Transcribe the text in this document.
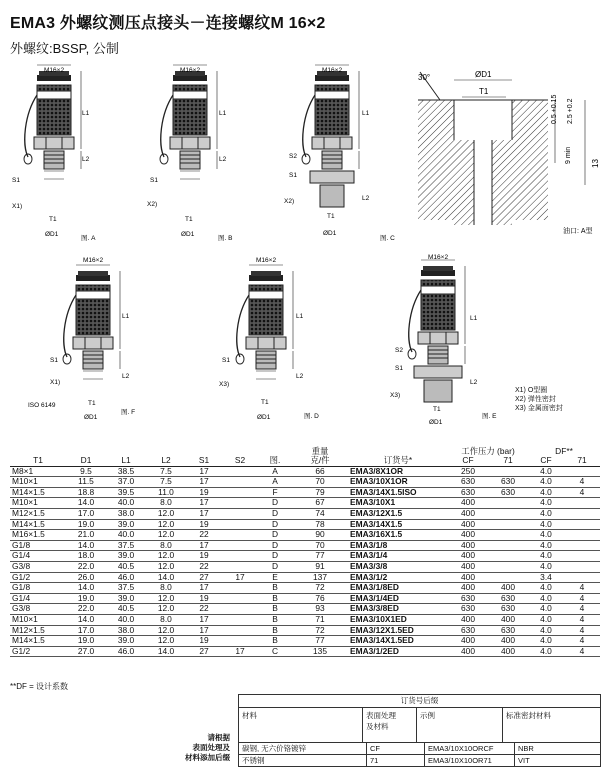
EMA3 外螺纹测压点接头－连接螺纹M 16×2
外螺纹:BSSP, 公制
M16×2
L1
L2
S1
X1)
T1
ØD1
图. A
M16×2
L1
L2
S1
X2)
T1
ØD1
图. B
M16×2
L1
L2
S2
S1
X2)
T1
ØD1
图. C
30°	ØD1
T1
0.5 +0.15 2.5 +0.2
9 min 13
油口: A型
M16×2
L1
L2
S1
X1)
ISO 6149	T1
ØD1
图. F
M16×2
L1
L2
S1
X3)
T1
ØD1	图. D
M16×2
L1
L2
S2
S1
X3)
T1
ØD1
图. E
X1) O型圈
X2) 弹性密封
X3) 金属面密封
							重量		工作压力 (bar)		DF**	
T1	D1	L1	L2	S1	S2	图.	克/件	订货号*	CF	71	CF	71
M8×1	9.5	38.5	7.5	17		A	66	EMA3/8X1OR	250		4.0	
M10×1	11.5	37.0	7.5	17		A	70	EMA3/10X1OR	630	630	4.0	4
M14×1.5	18.8	39.5	11.0	19		F	79	EMA3/14X1.5ISO	630	630	4.0	4
M10×1	14.0	40.0	8.0	17		D	67	EMA3/10X1	400		4.0	
M12×1.5	17.0	38.0	12.0	17		D	74	EMA3/12X1.5	400		4.0	
M14×1.5	19.0	39.0	12.0	19		D	78	EMA3/14X1.5	400		4.0	
M16×1.5	21.0	40.0	12.0	22		D	90	EMA3/16X1.5	400		4.0	
G1/8	14.0	37.5	8.0	17		D	70	EMA3/1/8	400		4.0	
G1/4	18.0	39.0	12.0	19		D	77	EMA3/1/4	400		4.0	
G3/8	22.0	40.5	12.0	22		D	91	EMA3/3/8	400		4.0	
G1/2	26.0	46.0	14.0	27	17	E	137	EMA3/1/2	400		3.4	
G1/8	14.0	37.5	8.0	17		B	72	EMA3/1/8ED	400	400	4.0	4
G1/4	19.0	39.0	12.0	19		B	76	EMA3/1/4ED	630	630	4.0	4
G3/8	22.0	40.5	12.0	22		B	93	EMA3/3/8ED	630	630	4.0	4
M10×1	14.0	40.0	8.0	17		B	71	EMA3/10X1ED	400	400	4.0	4
M12×1.5	17.0	38.0	12.0	17		B	72	EMA3/12X1.5ED	630	630	4.0	4
M14×1.5	19.0	39.0	12.0	19		B	77	EMA3/14X1.5ED	400	400	4.0	4
G1/2	27.0	46.0	14.0	27	17	C	135	EMA3/1/2ED	400	400	4.0	4
**DF = 设计系数
订货号后缀
材料	表面处理
及材料
示例	标准密封材料
碳钢, 无六价铬镀锌	CF	EMA3/10X10ORCF	NBR
不锈钢	71	EMA3/10X10OR71	VIT
请根据
表面处理及
材料添加后缀
